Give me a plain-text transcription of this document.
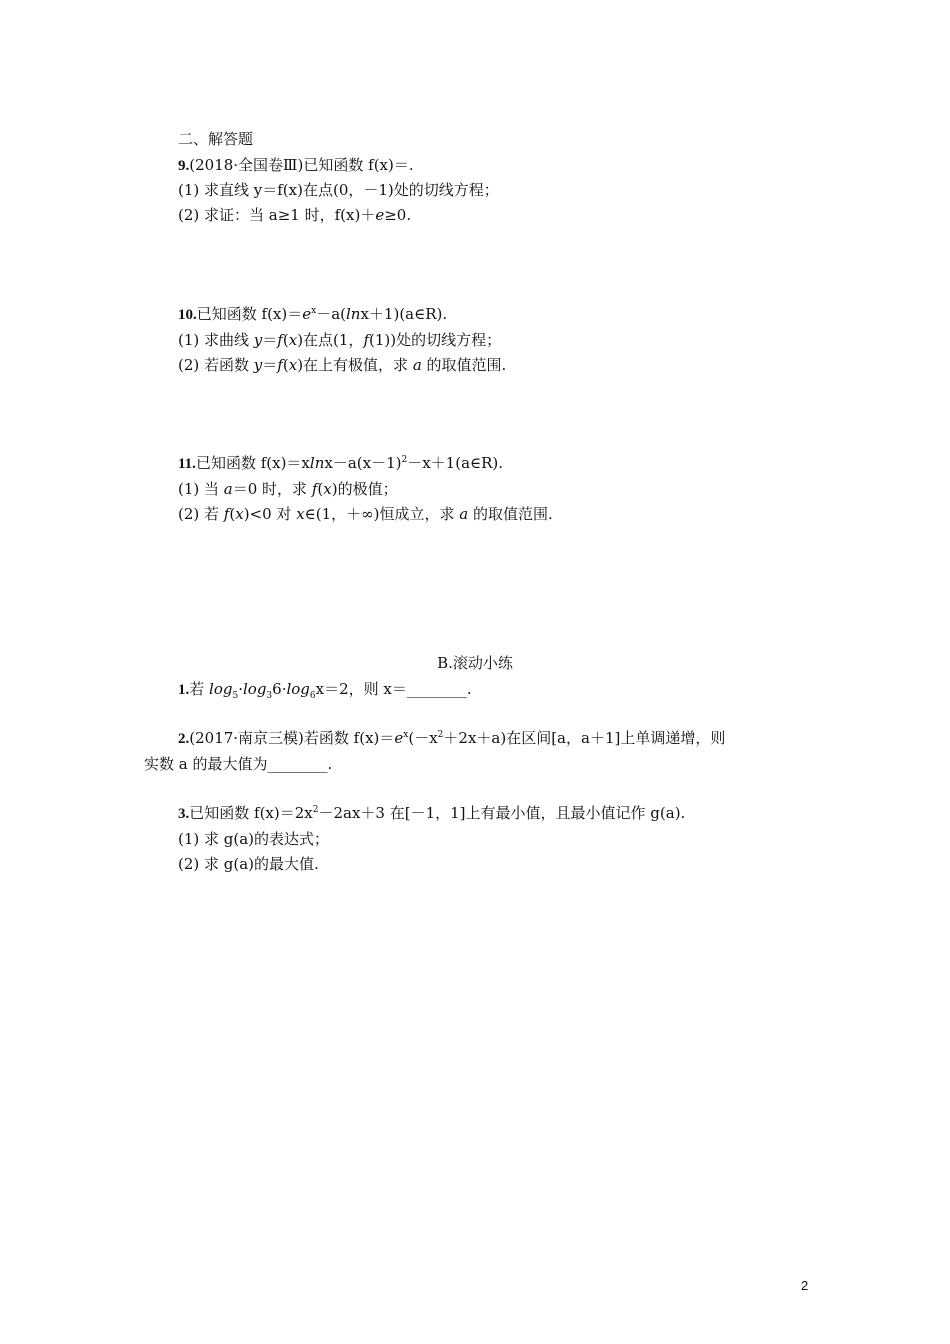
二、解答题
9.(2018·全国卷Ⅲ)已知函数 f(x)＝.
(1) 求直线 y＝f(x)在点(0，－1)处的切线方程；
(2) 求证：当 a≥1 时，f(x)＋e≥0.
10.已知函数 $f(x)=e^x-a(\ln x+1)(a\in R)$.
(1) 求曲线 y＝f(x)在点(1，f(1))处的切线方程；
(2) 若函数 y＝f(x)在上有极值，求 a 的取值范围.
11.已知函数 $f(x)=xlnx-a(x-1)^2-x+1(a\in R)$.
(1) 当 a＝0 时，求 f(x)的极值；
(2) 若 f(x)<0 对 x∈(1，＋∞)恒成立，求 a 的取值范围.
B.滚动小练
1.若 $\log_5\cdot\log_36\cdot\log_6x=2$，则 x＝________.
2.(2017·南京三模)若函数 $f(x)=e^x(-x^2+2x+a)$在区间[a，a＋1]上单调递增，则
实数 a 的最大值为________.
3.已知函数 $f(x)=2x^2-2ax+3$ 在[－1，1]上有最小值，且最小值记作 g(a).
(1) 求 g(a)的表达式；
(2) 求 g(a)的最大值.
2
